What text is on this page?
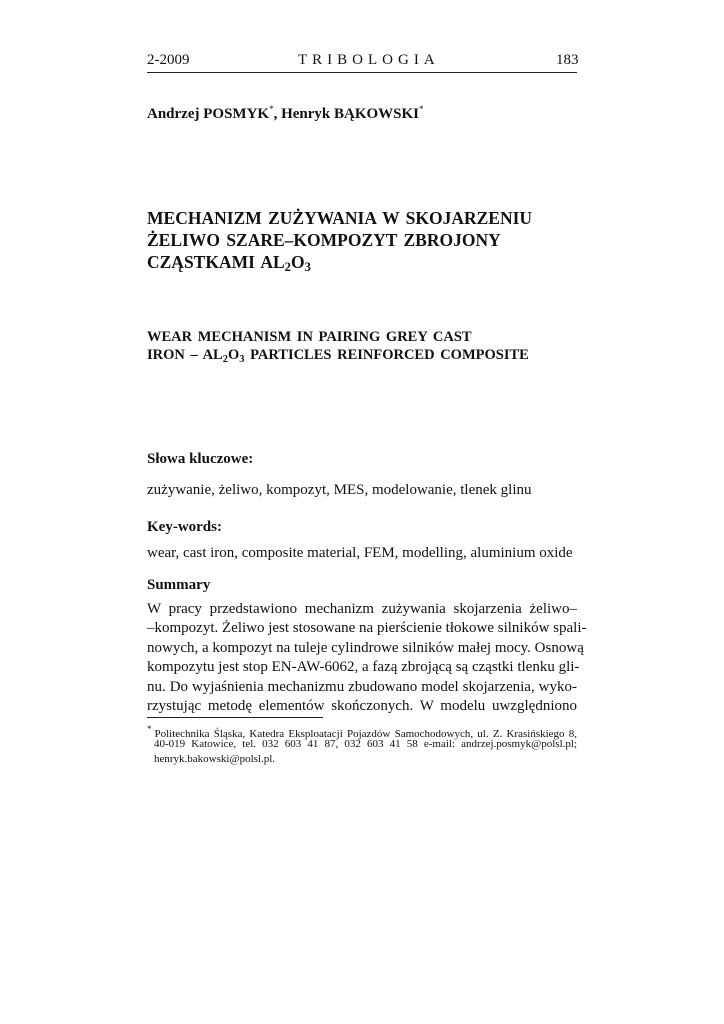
2-2009	TRIBOLOGIA	183
Andrzej POSMYK*, Henryk BĄKOWSKI*
MECHANIZM ZUŻYWANIA W SKOJARZENIU
ŻELIWO SZARE–KOMPOZYT ZBROJONY
CZĄSTKAMI $AL_2O_3$
WEAR MECHANISM IN PAIRING GREY CAST
IRON – $AL_2O_3$ PARTICLES REINFORCED COMPOSITE
Słowa kluczowe:
zużywanie, żeliwo, kompozyt, MES, modelowanie, tlenek glinu
Key-words:
wear, cast iron, composite material, FEM, modelling, aluminium oxide
Summary
W pracy przedstawiono mechanizm zużywania skojarzenia żeliwo–
–kompozyt. Żeliwo jest stosowane na pierścienie tłokowe silników spali-
nowych, a kompozyt na tuleje cylindrowe silników małej mocy. Osnową
kompozytu jest stop EN-AW-6062, a fazą zbrojącą są cząstki tlenku gli-
nu. Do wyjaśnienia mechanizmu zbudowano model skojarzenia, wyko-
rzystując metodę elementów skończonych. W modelu uwzględniono
* Politechnika Śląska, Katedra Eksploatacji Pojazdów Samochodowych, ul. Z. Krasińskiego 8,
40-019 Katowice, tel. 032 603 41 87, 032 603 41 58 e-mail: andrzej.posmyk@polsl.pl;
henryk.bakowski@polsl.pl.
